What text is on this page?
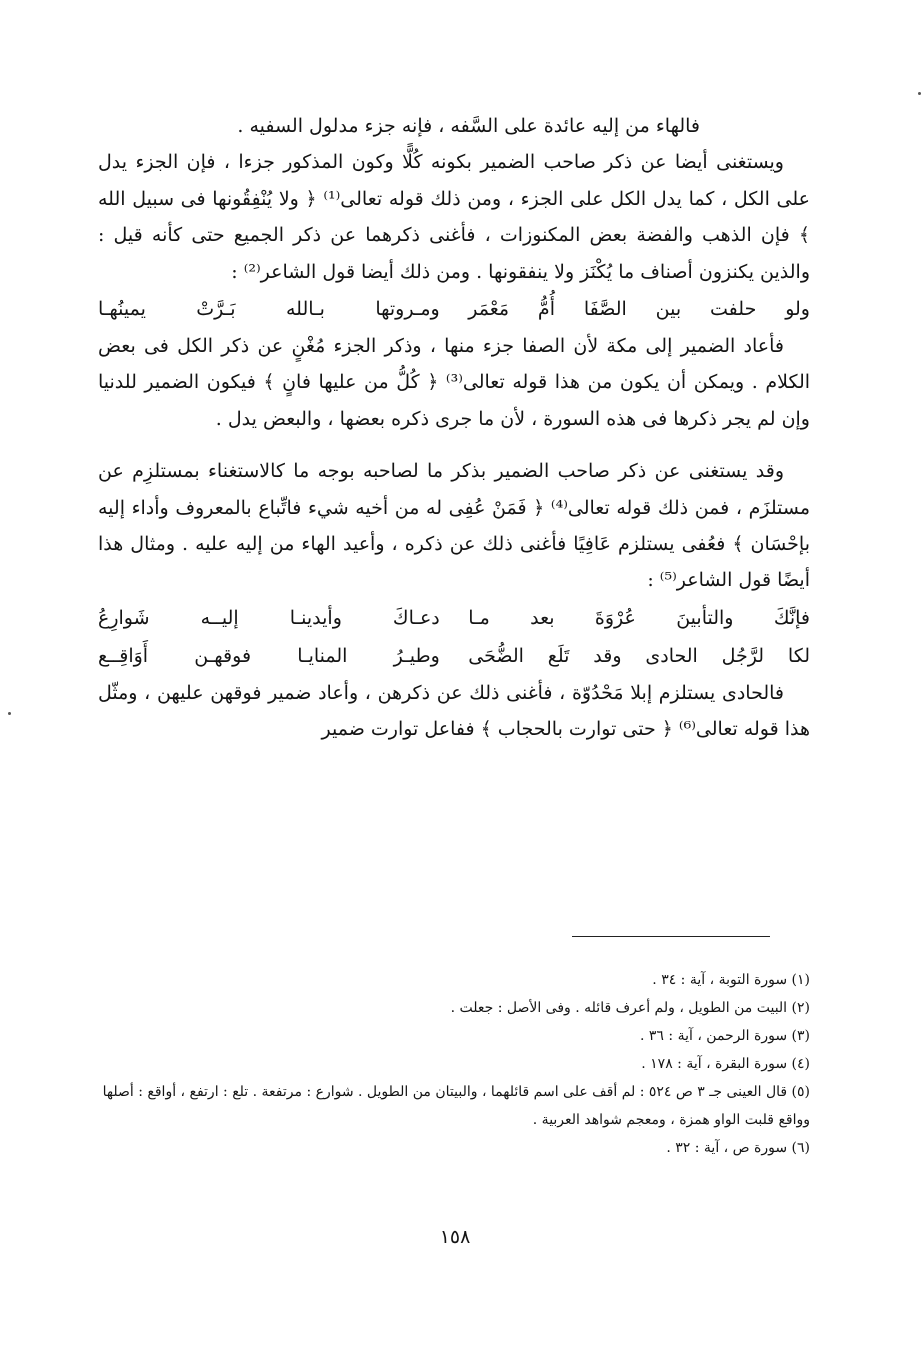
فالهاء من إليه عائدة على السَّفه ، فإنه جزء مدلول السفيه .

ويستغنى أيضا عن ذكر صاحب الضمير بكونه كُلًّا وكون المذكور جزءا ، فإن الجزء يدل على الكل ، كما يدل الكل على الجزء ، ومن ذلك قوله تعالى⁽¹⁾ ﴿ ولا يُنْفِقُونها فى سبيل الله ﴾ فإن الذهب والفضة بعض المكنوزات ، فأغنى ذكرهما عن ذكر الجميع حتى كأنه قيل : والذين يكنزون أصناف ما يُكْنَز ولا ينفقونها . ومن ذلك أيضا قول الشاعر⁽²⁾ :

ولو حلفت بين الصَّفَا أُمُّ مَعْمَر
ومـروتها بـالله بَـرَّتْ يمينُهـا

فأعاد الضمير إلى مكة لأن الصفا جزء منها ، وذكر الجزء مُغْنٍ عن ذكر الكل فى بعض الكلام . ويمكن أن يكون من هذا قوله تعالى⁽³⁾ ﴿ كُلُّ من عليها فانٍ ﴾ فيكون الضمير للدنيا وإن لم يجر ذكرها فى هذه السورة ، لأن ما جرى ذكره بعضها ، والبعض يدل .

وقد يستغنى عن ذكر صاحب الضمير بذكر ما لصاحبه بوجه ما كالاستغناء بمستلزِم عن مستلزَم ، فمن ذلك قوله تعالى⁽⁴⁾ ﴿ فَمَنْ عُفِى له من أخيه شيء فاتِّباع بالمعروف وأداء إليه بإحْسَان ﴾ فعُفى يستلزم عَافِيًا فأغنى ذلك عن ذكره ، وأعيد الهاء من إليه عليه . ومثال هذا أيضًا قول الشاعر⁽⁵⁾ :

فإنَّكَ والتأبينَ عُرْوَةَ بعد مـا
دعـاكَ وأيدينـا إليــه شَوارِعُ
لكا لرَّجُل الحادى وقد تَلَع الضُّحَى
وطيـرُ المنايـا فوقهـن أَوَاقِــع

فالحادى يستلزم إبلا مَحْدُوّة ، فأغنى ذلك عن ذكرهن ، وأعاد ضمير فوقهن عليهن ، ومثّل هذا قوله تعالى⁽⁶⁾ ﴿ حتى توارت بالحجاب ﴾ ففاعل توارت ضمير

(١) سورة التوبة ، آية : ٣٤ .

(٢) البيت من الطويل ، ولم أعرف قائله . وفى الأصل : جعلت .

(٣) سورة الرحمن ، آية : ٣٦ .

(٤) سورة البقرة ، آية : ١٧٨ .

(٥) قال العينى جـ ٣ ص ٥٢٤ : لم أقف على اسم قائلهما ، والبيتان من الطويل . شوارع : مرتفعة . تلع : ارتفع ، أواقع : أصلها وواقع قلبت الواو همزة ، ومعجم شواهد العربية .

(٦) سورة ص ، آية : ٣٢ .

١٥٨
